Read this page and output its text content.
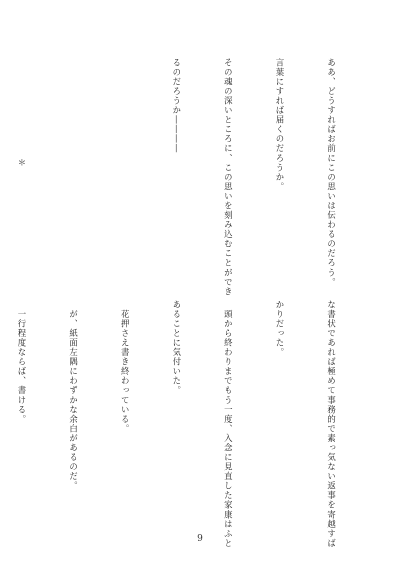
ああ、どうすればお前にこの思いは伝わるのだろう。

言葉にすれば届くのだろうか。

その魂の深いところに、この思いを刻み込むことができ

るのだろうか――――

＊

な書状であれば極めて事務的で素っ気ない返事を寄越すば

かりだった。

　頭から終わりまでもう一度、入念に見直した家康はふと

あることに気付いた。

　花押さえ書き終わっている。

　が、紙面左隅にわずかな余白があるのだ。

　一行程度ならば、書ける。

9
